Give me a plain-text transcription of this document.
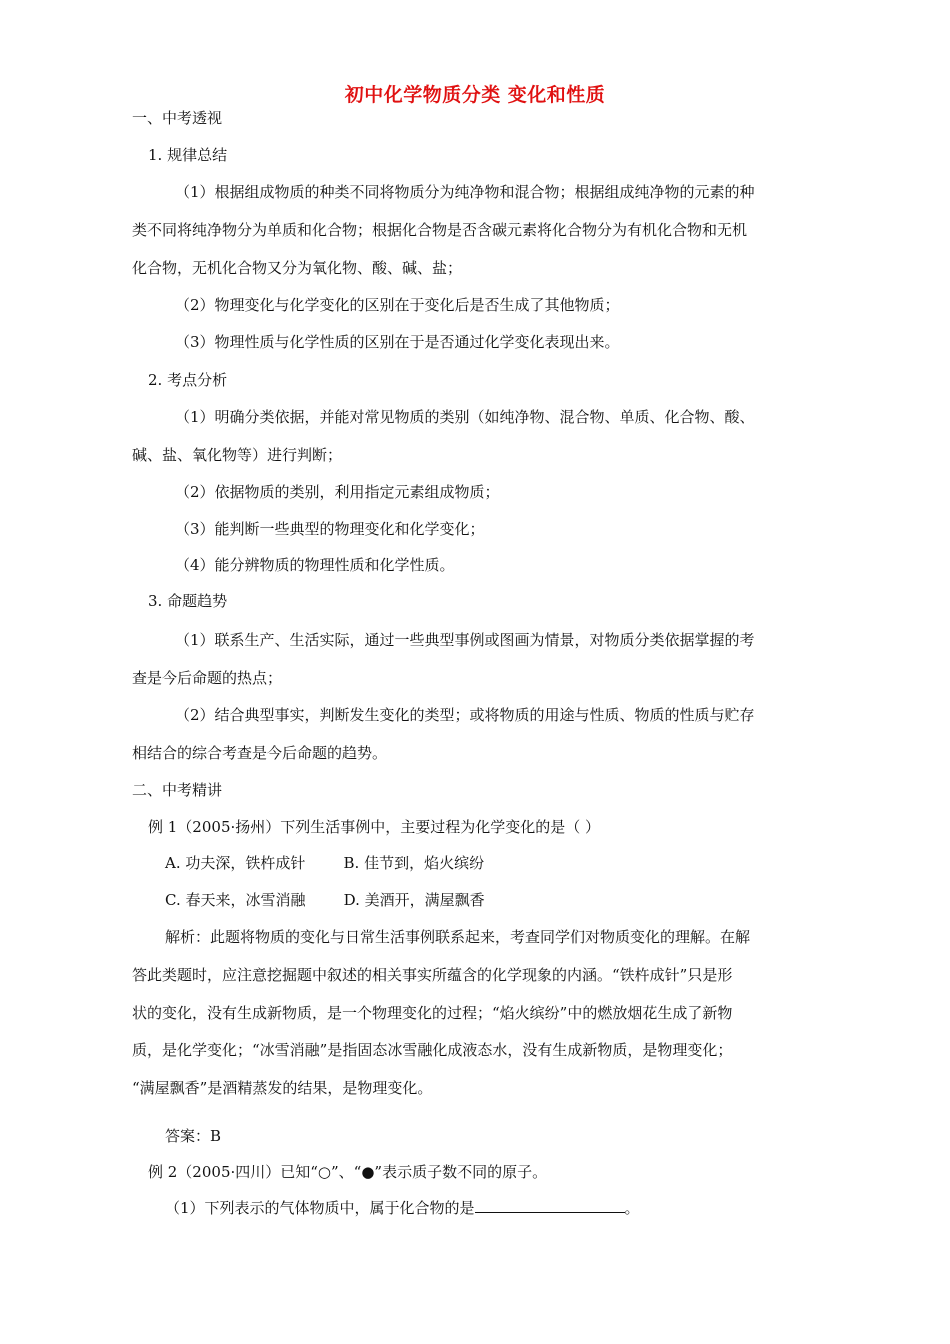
初中化学物质分类 变化和性质
一、中考透视
1. 规律总结
（1）根据组成物质的种类不同将物质分为纯净物和混合物；根据组成纯净物的元素的种
类不同将纯净物分为单质和化合物；根据化合物是否含碳元素将化合物分为有机化合物和无机
化合物，无机化合物又分为氧化物、酸、碱、盐；
（2）物理变化与化学变化的区别在于变化后是否生成了其他物质；
（3）物理性质与化学性质的区别在于是否通过化学变化表现出来。
2. 考点分析
（1）明确分类依据，并能对常见物质的类别（如纯净物、混合物、单质、化合物、酸、
碱、盐、氧化物等）进行判断；
（2）依据物质的类别，利用指定元素组成物质；
（3）能判断一些典型的物理变化和化学变化；
（4）能分辨物质的物理性质和化学性质。
3. 命题趋势
（1）联系生产、生活实际，通过一些典型事例或图画为情景，对物质分类依据掌握的考
查是今后命题的热点；
（2）结合典型事实，判断发生变化的类型；或将物质的用途与性质、物质的性质与贮存
相结合的综合考查是今后命题的趋势。
二、中考精讲
例 1（2005·扬州）下列生活事例中，主要过程为化学变化的是（ ）
A. 功夫深，铁杵成针        B. 佳节到，焰火缤纷
C. 春天来，冰雪消融        D. 美酒开，满屋飘香
解析：此题将物质的变化与日常生活事例联系起来，考查同学们对物质变化的理解。在解
答此类题时，应注意挖掘题中叙述的相关事实所蕴含的化学现象的内涵。“铁杵成针”只是形
状的变化，没有生成新物质，是一个物理变化的过程；“焰火缤纷”中的燃放烟花生成了新物
质，是化学变化；“冰雪消融”是指固态冰雪融化成液态水，没有生成新物质，是物理变化；
“满屋飘香”是酒精蒸发的结果，是物理变化。
答案：B
例 2（2005·四川）已知“○”、“●”表示质子数不同的原子。
（1）下列表示的气体物质中，属于化合物的是	。
